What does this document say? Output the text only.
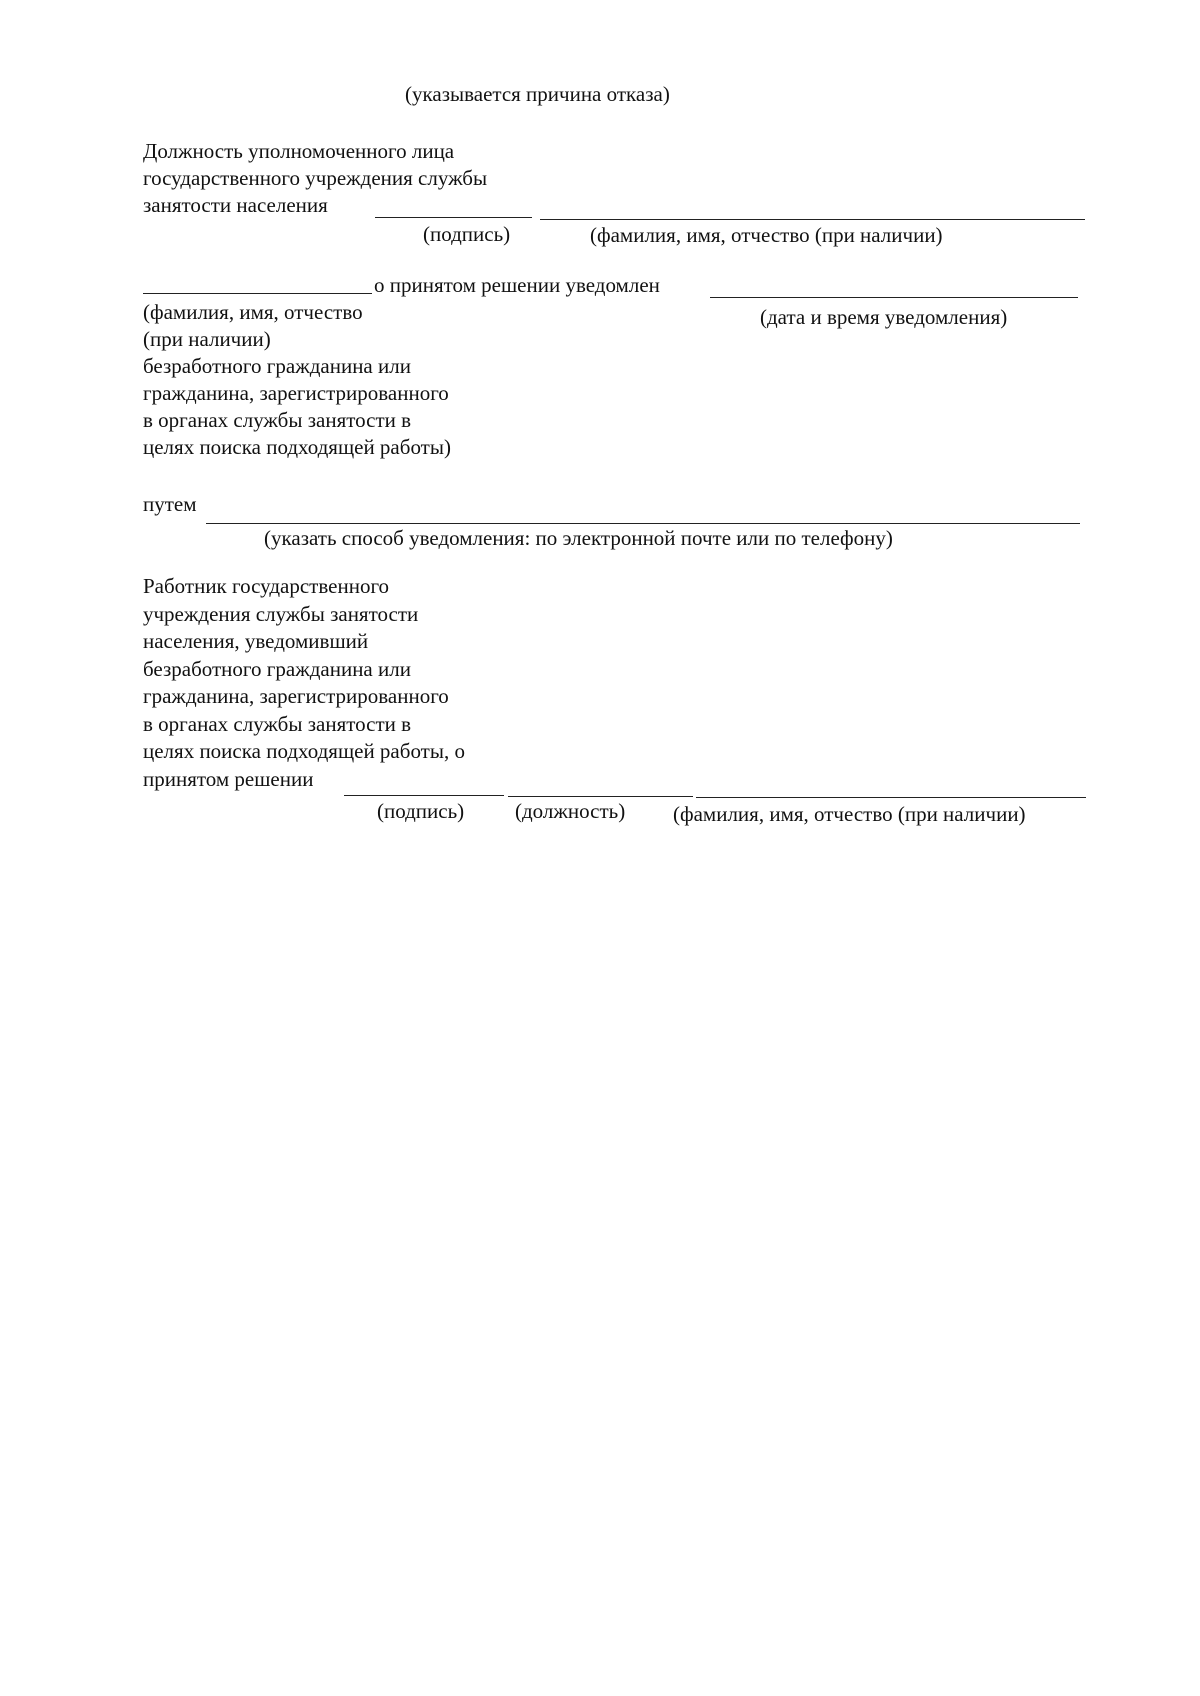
(указывается причина отказа)
Должность уполномоченного лица
государственного учреждения службы
занятости населения
(подпись)	(фамилия, имя, отчество (при наличии)
о принятом решении уведомлен
(фамилия, имя, отчество
(при наличии)
безработного гражданина или
гражданина, зарегистрированного
в органах службы занятости в
целях поиска подходящей работы)
(дата и время уведомления)
путем
(указать способ уведомления: по электронной почте или по телефону)
Работник государственного
учреждения службы занятости
населения, уведомивший
безработного гражданина или
гражданина, зарегистрированного
в органах службы занятости в
целях поиска подходящей работы, о
принятом решении
(подпись) (должность) (фамилия, имя, отчество (при наличии)
